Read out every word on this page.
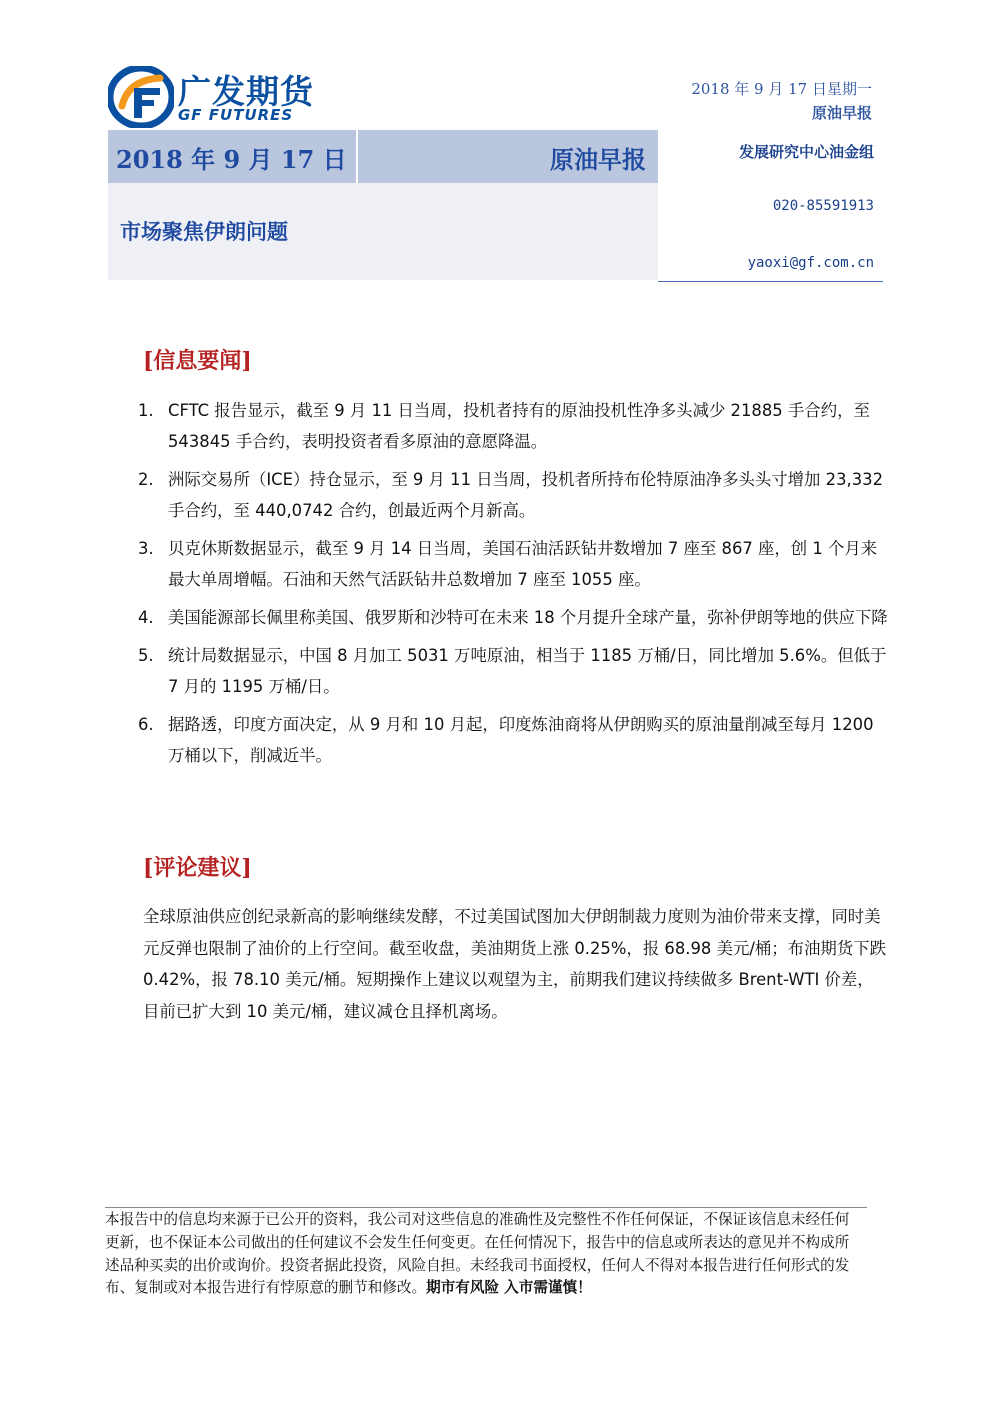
广发期货
GF FUTURES
2018 年 9 月 17 日星期一
原油早报
2018 年 9 月 17 日	原油早报
市场聚焦伊朗问题
发展研究中心油金组
020-85591913
yaoxi@gf.com.cn
[信息要闻]
1. CFTC 报告显示，截至 9 月 11 日当周，投机者持有的原油投机性净多头减少 21885 手合约，至 543845 手合约，表明投资者看多原油的意愿降温。
2. 洲际交易所（ICE）持仓显示，至 9 月 11 日当周，投机者所持布伦特原油净多头头寸增加 23,332 手合约，至 440,0742 合约，创最近两个月新高。
3. 贝克休斯数据显示，截至 9 月 14 日当周，美国石油活跃钻井数增加 7 座至 867 座，创 1 个月来最大单周增幅。石油和天然气活跃钻井总数增加 7 座至 1055 座。
4. 美国能源部长佩里称美国、俄罗斯和沙特可在未来 18 个月提升全球产量，弥补伊朗等地的供应下降
5. 统计局数据显示，中国 8 月加工 5031 万吨原油，相当于 1185 万桶/日，同比增加 5.6%。但低于 7 月的 1195 万桶/日。
6. 据路透，印度方面决定，从 9 月和 10 月起，印度炼油商将从伊朗购买的原油量削减至每月 1200 万桶以下，削减近半。
[评论建议]

全球原油供应创纪录新高的影响继续发酵，不过美国试图加大伊朗制裁力度则为油价带来支撑，同时美元反弹也限制了油价的上行空间。截至收盘，美油期货上涨 0.25%，报 68.98 美元/桶；布油期货下跌 0.42%，报 78.10 美元/桶。短期操作上建议以观望为主，前期我们建议持续做多 Brent-WTI 价差，目前已扩大到 10 美元/桶，建议减仓且择机离场。

本报告中的信息均来源于已公开的资料，我公司对这些信息的准确性及完整性不作任何保证，不保证该信息未经任何更新，也不保证本公司做出的任何建议不会发生任何变更。在任何情况下，报告中的信息或所表达的意见并不构成所述品种买卖的出价或询价。投资者据此投资，风险自担。未经我司书面授权，任何人不得对本报告进行任何形式的发布、复制或对本报告进行有悖原意的删节和修改。期市有风险 入市需谨慎！
